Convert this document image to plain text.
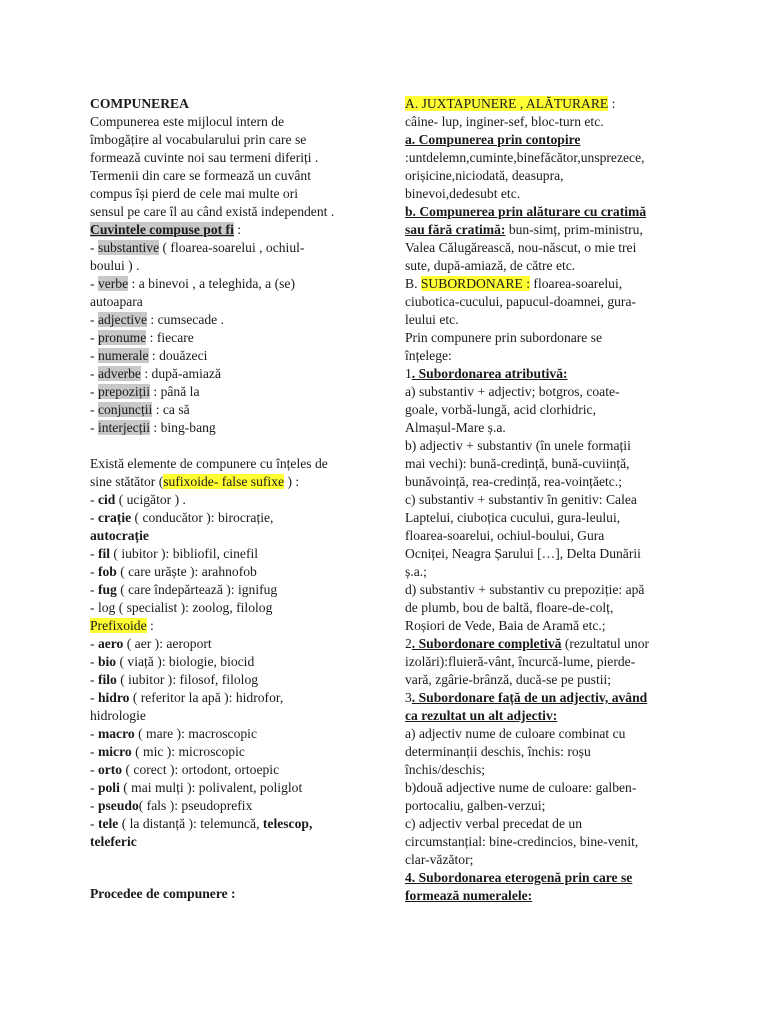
COMPUNEREA
Compunerea este mijlocul intern de
îmbogățire al vocabularului prin care se
formează cuvinte noi sau termeni diferiți .
Termenii din care se formează un cuvânt
compus își pierd de cele mai multe ori
sensul pe care îl au când există independent .
Cuvintele compuse pot fi :
- substantive ( floarea-soarelui , ochiul-
boului ) .
- verbe : a binevoi , a teleghida, a (se)
autoapara
- adjective : cumsecade .
- pronume : fiecare
- numerale : douăzeci
- adverbe : după-amiază
- prepoziții : până la
- conjuncții : ca să
- interjecții : bing-bang
Există elemente de compunere cu înțeles de
sine stătător (sufixoide- false sufixe ) :
- cid ( ucigător ) .
- crație ( conducător ): birocrație,
autocrație
- fil ( iubitor ): bibliofil, cinefil
- fob ( care urăște ): arahnofob
- fug ( care îndepărtează ): ignifug
- log ( specialist ): zoolog, filolog
Prefixoide :
- aero ( aer ): aeroport
- bio ( viață ): biologie, biocid
- filo ( iubitor ): filosof, filolog
- hidro ( referitor la apă ): hidrofor,
hidrologie
- macro ( mare ): macroscopic
- micro ( mic ): microscopic
- orto ( corect ): ortodont, ortoepic
- poli ( mai mulți ): polivalent, poliglot
- pseudo( fals ): pseudoprefix
- tele ( la distanță ): telemuncă, telescop,
teleferic
Procedee de compunere :
A. JUXTAPUNERE , ALĂTURARE :
câine- lup, inginer-sef, bloc-turn etc.
a. Compunerea prin contopire
:untdelemn,cuminte,binefăcător,unsprezece,
orișicine,niciodată, deasupra,
binevoi,dedesubt etc.
b. Compunerea prin alăturare cu cratimă
sau fără cratimă: bun-simț, prim-ministru,
Valea Călugărească, nou-născut, o mie trei
sute, după-amiază, de către etc.
B. SUBORDONARE : floarea-soarelui,
ciubotica-cucului, papucul-doamnei, gura-
leului etc.
Prin compunere prin subordonare se
înțelege:
1. Subordonarea atributivă:
a) substantiv + adjectiv; botgros, coate-
goale, vorbă-lungă, acid clorhidric,
Almașul-Mare ș.a.
b) adjectiv + substantiv (în unele formații
mai vechi): bună-credință, bună-cuviință,
bunăvoință, rea-credință, rea-voințăetc.;
c) substantiv + substantiv în genitiv: Calea
Laptelui, ciuboțica cucului, gura-leului,
floarea-soarelui, ochiul-boului, Gura
Ocniței, Neagra Șarului […], Delta Dunării
ș.a.;
d) substantiv + substantiv cu prepoziție: apă
de plumb, bou de baltă, floare-de-colț,
Roșiori de Vede, Baia de Aramă etc.;
2. Subordonare completivă (rezultatul unor
izolări):fluieră-vânt, încurcă-lume, pierde-
vară, zgârie-brânză, ducă-se pe pustii;
3. Subordonare față de un adjectiv, având
ca rezultat un alt adjectiv:
a) adjectiv nume de culoare combinat cu
determinanții deschis, închis: roșu
închis/deschis;
b)două adjective nume de culoare: galben-
portocaliu, galben-verzui;
c) adjectiv verbal precedat de un
circumstanțial: bine-credincios, bine-venit,
clar-văzător;
4. Subordonarea eterogenă prin care se
formează numeralele:
